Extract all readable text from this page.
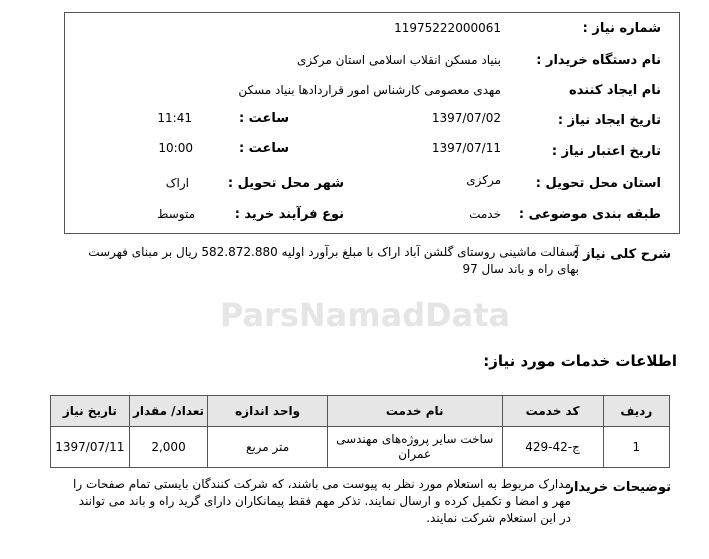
ParsNamadData
شماره نیاز :
11975222000061
نام دستگاه خریدار :
بنیاد مسکن انقلاب اسلامی استان مرکزی
نام ایجاد کننده
مهدی معصومی کارشناس امور قراردادها بنیاد مسکن
تاریخ ایجاد نیاز :
1397/07/02
ساعت :
11:41
تاریخ اعتبار نیاز :
1397/07/11
ساعت :
10:00
استان محل تحویل :
مرکزی
شهر محل تحویل :
اراک
طبقه بندی موضوعی :
خدمت
نوع فرآیند خرید :
متوسط
شرح کلی نیاز :
آسفالت ماشینی روستای گلشن آباد اراک با مبلغ برآورد اولیه 582.872.880 ریال بر مبنای فهرست بهای راه و باند سال 97
اطلاعات خدمات مورد نیاز:
ردیف	کد خدمت	نام خدمت	واحد اندازه	تعداد/ مقدار	تاریخ نیاز
1	ج-42-429	ساخت سایر پروژه‌های مهندسی عمران	متر مربع	2,000	1397/07/11
توضیحات خریدار
مدارک مربوط به استعلام مورد نظر به پیوست می باشند، که شرکت کنندگان بایستی تمام صفحات را مهر و امضا و تکمیل کرده و ارسال نمایند. تذکر مهم فقط پیمانکاران دارای گرید راه و باند می توانند در این استعلام شرکت نمایند.
